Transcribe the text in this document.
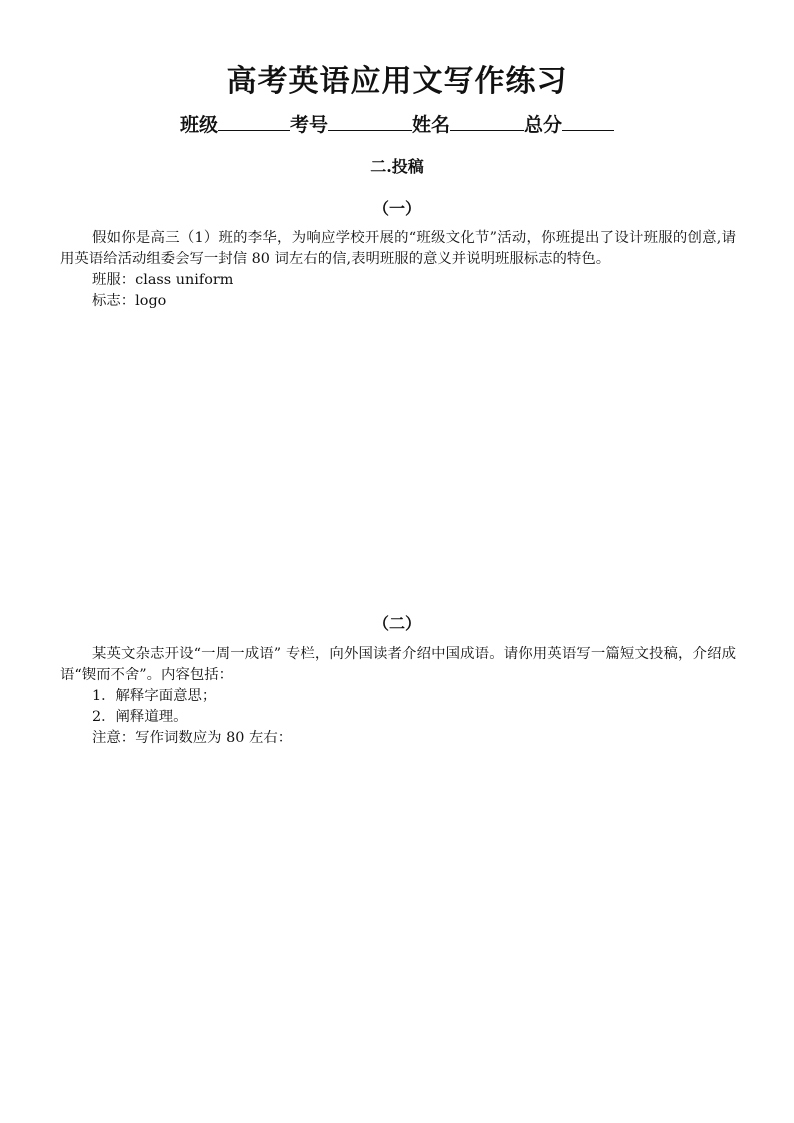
高考英语应用文写作练习
班级	考号	姓名	总分
二.投稿
（一）
假如你是高三（1）班的李华，为响应学校开展的“班级文化节”活动，你班提出了设计班服的创意,请用英语给活动组委会写一封信 80 词左右的信,表明班服的意义并说明班服标志的特色。
班服：class uniform
标志：logo
（二）
某英文杂志开设“一周一成语” 专栏，向外国读者介绍中国成语。请你用英语写一篇短文投稿，介绍成语“锲而不舍”。内容包括：
1．解释字面意思；
2．阐释道理。
注意：写作词数应为 80 左右：
